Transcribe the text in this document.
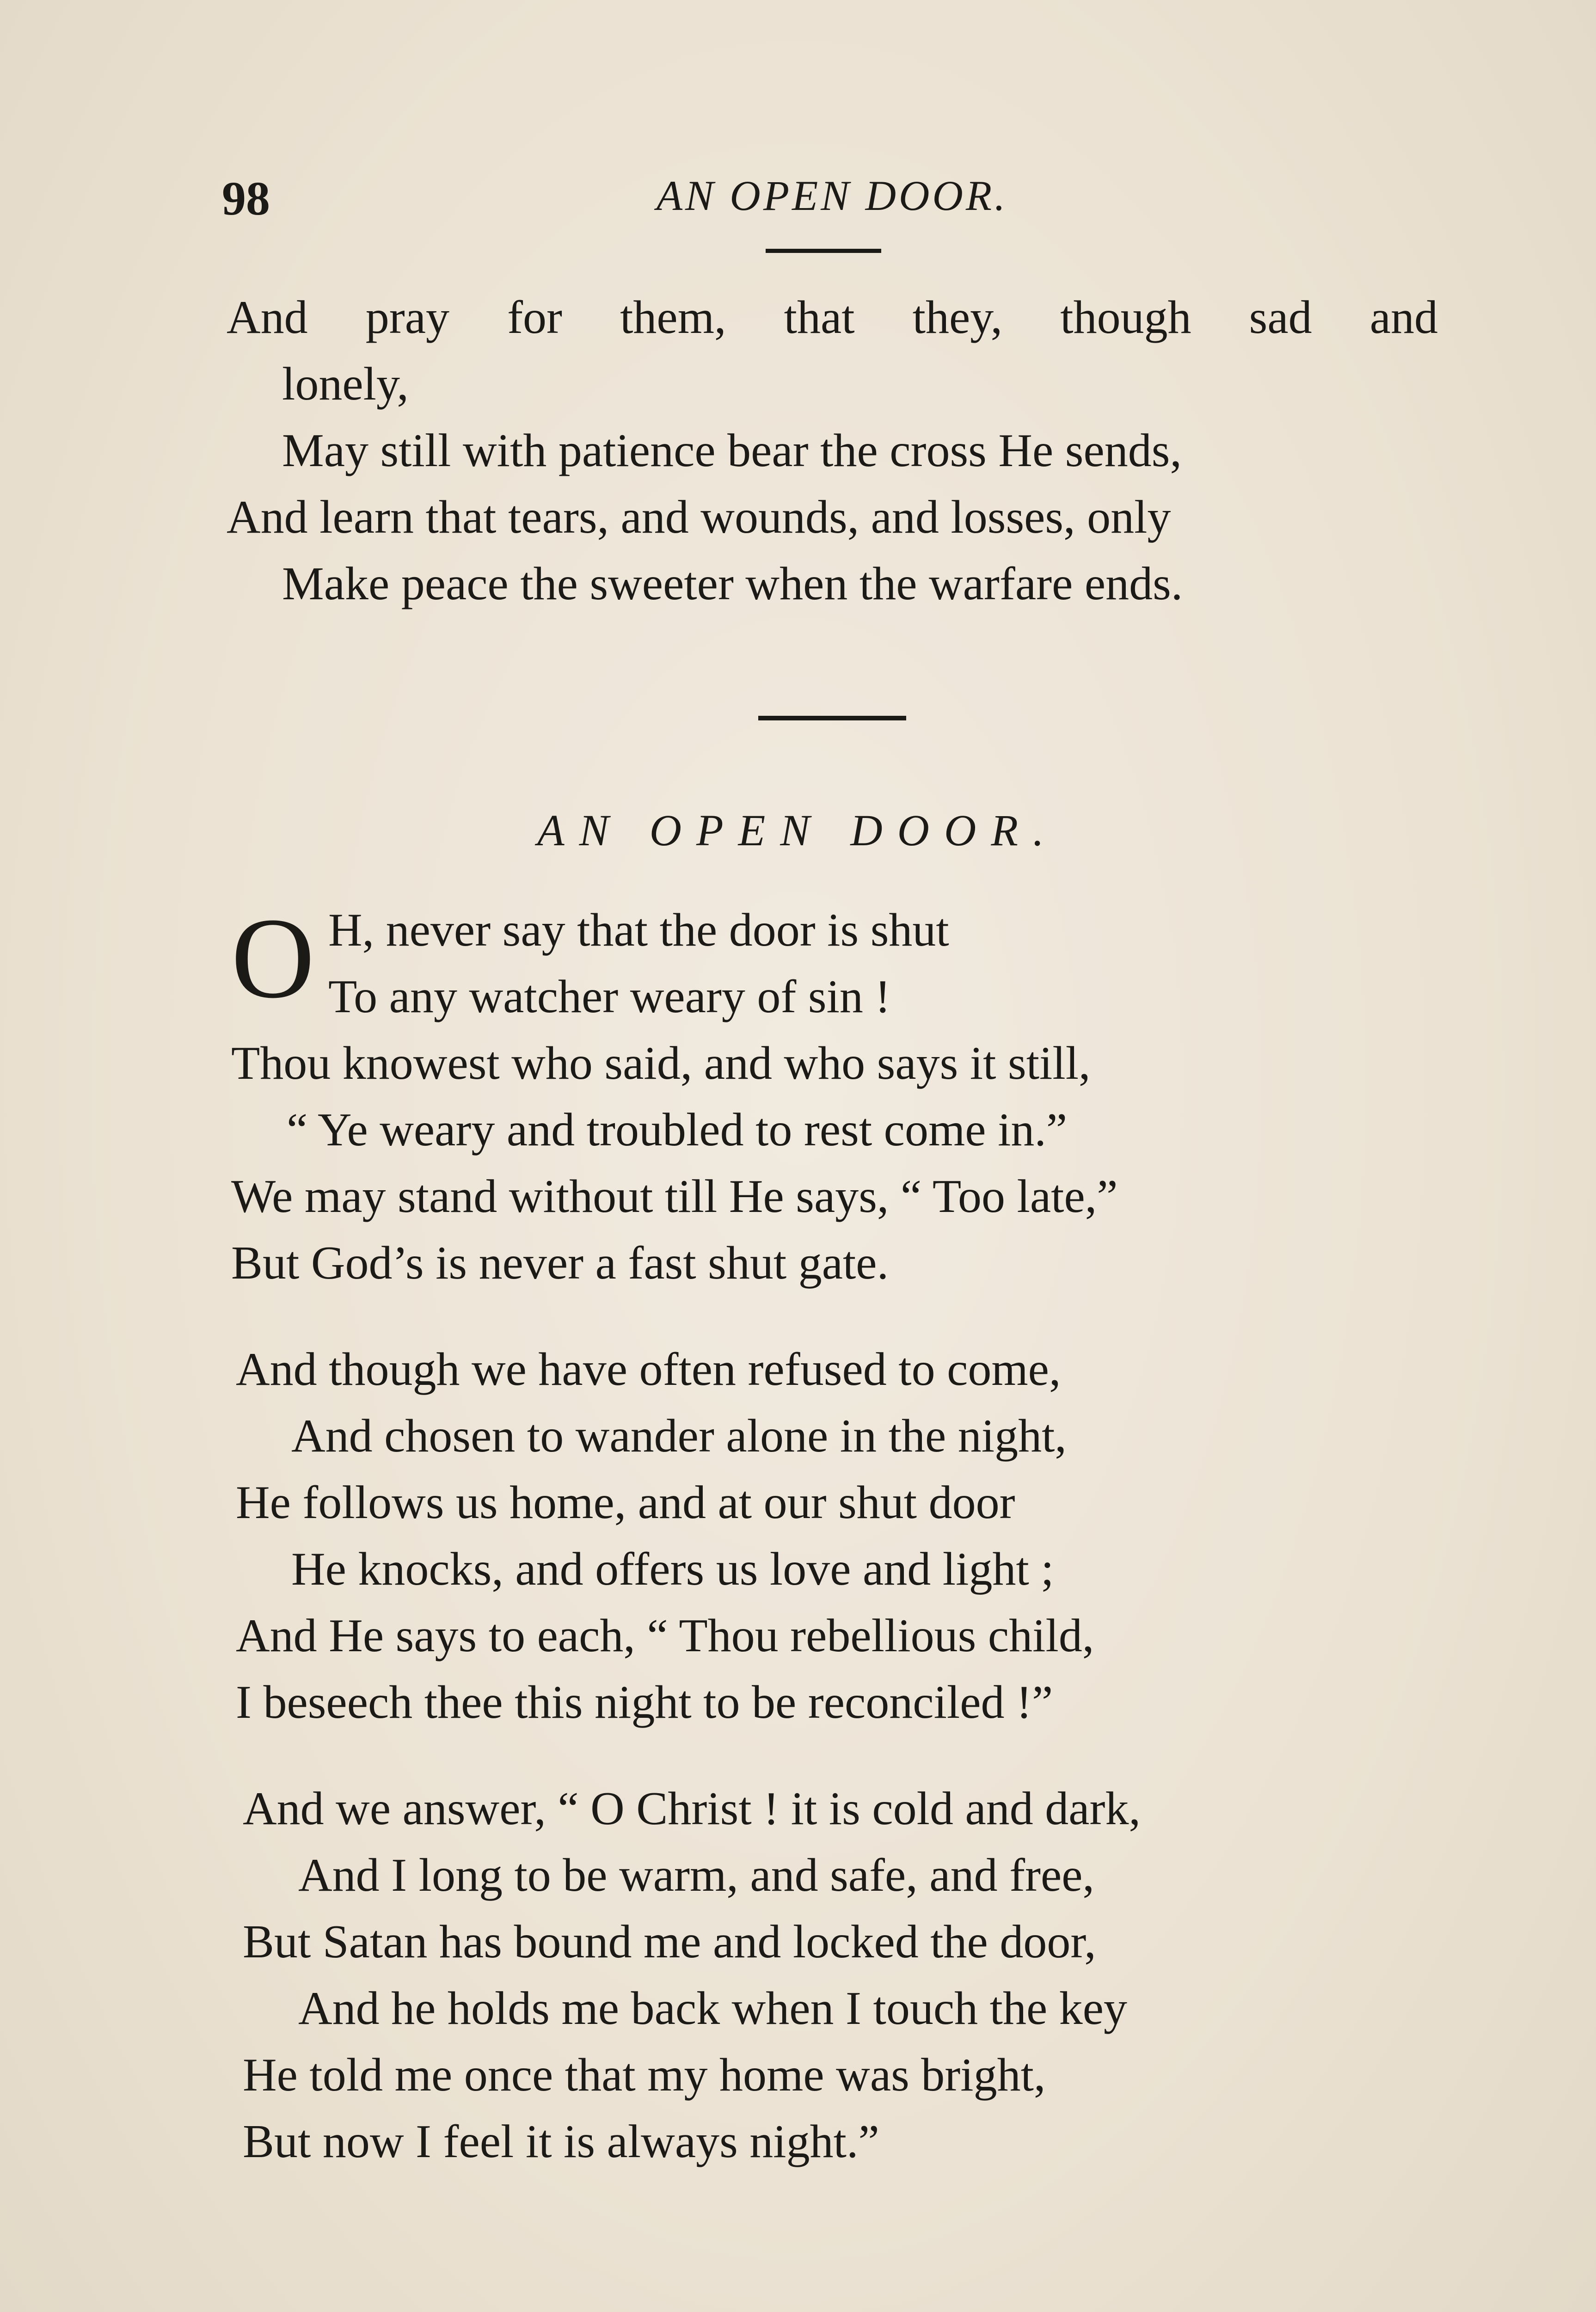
98	AN OPEN DOOR.
And pray for them, that they, though sad and
lonely,
May still with patience bear the cross He sends,
And learn that tears, and wounds, and losses, only
Make peace the sweeter when the warfare ends.
AN OPEN DOOR.
O H, never say that the door is shut
To any watcher weary of sin !
Thou knowest who said, and who says it still,
“ Ye weary and troubled to rest come in.”
We may stand without till He says, “ Too late,”
But God’s is never a fast shut gate.
And though we have often refused to come,
And chosen to wander alone in the night,
He follows us home, and at our shut door
He knocks, and offers us love and light ;
And He says to each, “ Thou rebellious child,
I beseech thee this night to be reconciled !”
And we answer, “ O Christ ! it is cold and dark,
And I long to be warm, and safe, and free,
But Satan has bound me and locked the door,
And he holds me back when I touch the key
He told me once that my home was bright,
But now I feel it is always night.”
